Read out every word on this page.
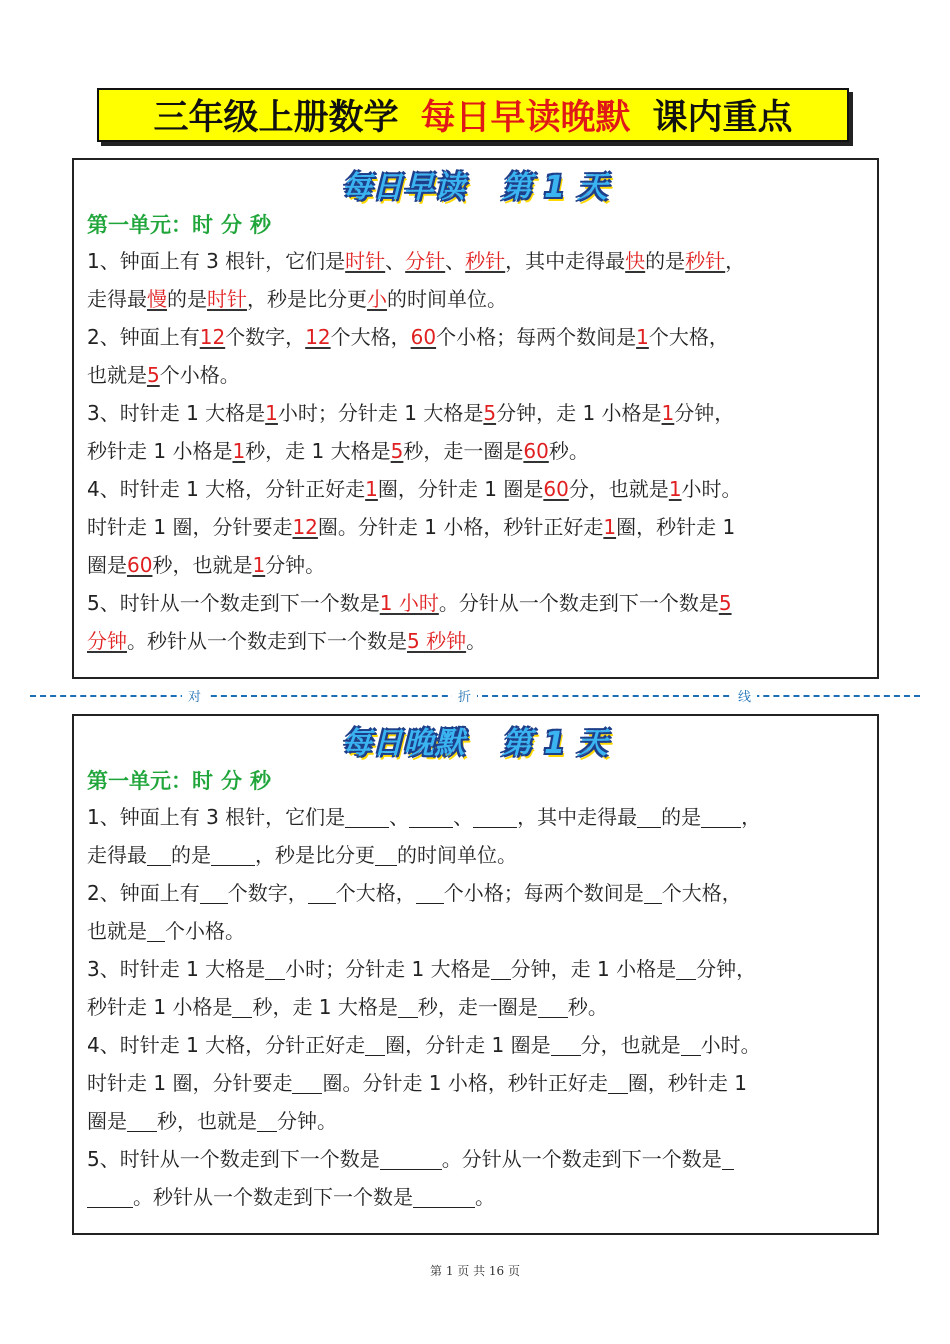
三年级上册数学 每日早读晚默 课内重点
每日早读 第 1 天
第一单元：时分秒
1、钟面上有 3 根针，它们是时针、分针、秒针，其中走得最快的是秒针，
走得最慢的是时针，秒是比分更小的时间单位。
2、钟面上有12个数字，12个大格，60个小格；每两个数间是1个大格，
也就是5个小格。
3、时针走 1 大格是1小时；分针走 1 大格是5分钟，走 1 小格是1分钟，
秒针走 1 小格是1秒，走 1 大格是5秒，走一圈是60秒。
4、时针走 1 大格，分针正好走1圈，分针走 1 圈是60分，也就是1小时。
时针走 1 圈，分针要走12圈。分针走 1 小格，秒针正好走1圈，秒针走 1
圈是60秒，也就是1分钟。
5、时针从一个数走到下一个数是1 小时。分针从一个数走到下一个数是5
分钟。秒针从一个数走到下一个数是5 秒钟。
对	折	线
每日晚默 第 1 天
第一单元：时分秒
1、钟面上有 3 根针，它们是 、 、 ，其中走得最 的是 ，
走得最 的是 ，秒是比分更 的时间单位。
2、钟面上有 个数字， 个大格， 个小格；每两个数间是 个大格，
也就是 个小格。
3、时针走 1 大格是 小时；分针走 1 大格是 分钟，走 1 小格是 分钟，
秒针走 1 小格是 秒，走 1 大格是 秒，走一圈是 秒。
4、时针走 1 大格，分针正好走 圈，分针走 1 圈是 分，也就是 小时。
时针走 1 圈，分针要走 圈。分针走 1 小格，秒针正好走 圈，秒针走 1
圈是 秒，也就是 分钟。
5、时针从一个数走到下一个数是	。分针从一个数走到下一个数是
。秒针从一个数走到下一个数是	。
第 1 页 共 16 页
